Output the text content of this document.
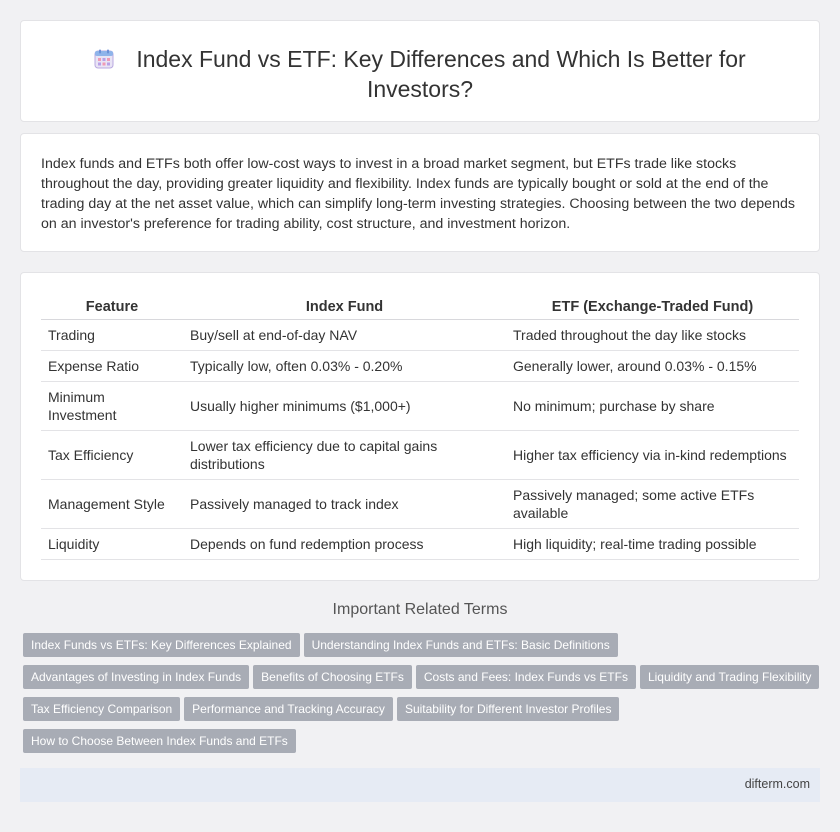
Index Fund vs ETF: Key Differences and Which Is Better for Investors?

Index funds and ETFs both offer low-cost ways to invest in a broad market segment, but ETFs trade like stocks throughout the day, providing greater liquidity and flexibility. Index funds are typically bought or sold at the end of the trading day at the net asset value, which can simplify long-term investing strategies. Choosing between the two depends on an investor's preference for trading ability, cost structure, and investment horizon.

Feature	Index Fund	ETF (Exchange-Traded Fund)
Trading	Buy/sell at end-of-day NAV	Traded throughout the day like stocks
Expense Ratio	Typically low, often 0.03% - 0.20%	Generally lower, around 0.03% - 0.15%
Minimum Investment	Usually higher minimums ($1,000+)	No minimum; purchase by share
Tax Efficiency	Lower tax efficiency due to capital gains distributions	Higher tax efficiency via in-kind redemptions
Management Style	Passively managed to track index	Passively managed; some active ETFs available
Liquidity	Depends on fund redemption process	High liquidity; real-time trading possible
Important Related Terms
Index Funds vs ETFs: Key Differences Explained Understanding Index Funds and ETFs: Basic Definitions
Advantages of Investing in Index Funds Benefits of Choosing ETFs Costs and Fees: Index Funds vs ETFs Liquidity and Trading Flexibility
Tax Efficiency Comparison Performance and Tracking Accuracy Suitability for Different Investor Profiles
How to Choose Between Index Funds and ETFs
difterm.com
